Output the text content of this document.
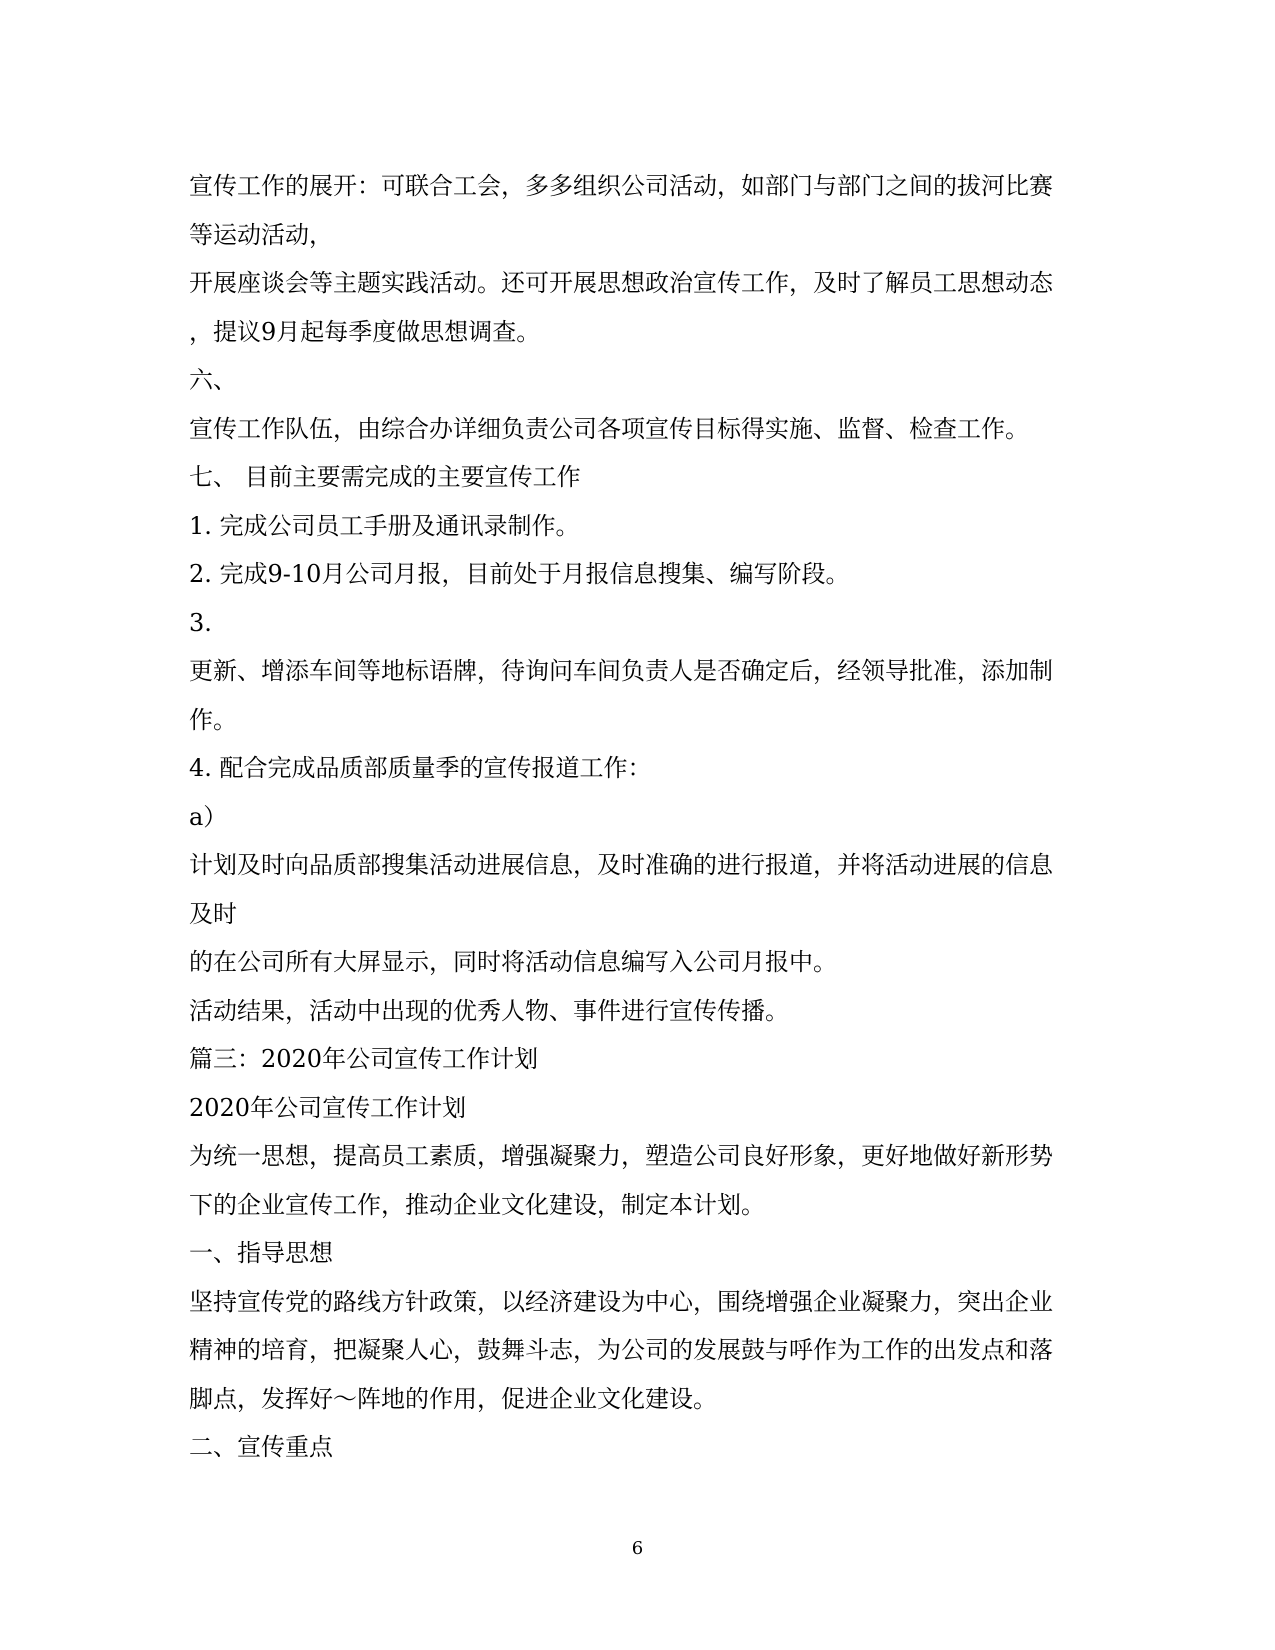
宣传工作的展开：可联合工会，多多组织公司活动，如部门与部门之间的拔河比赛
等运动活动，
开展座谈会等主题实践活动。还可开展思想政治宣传工作，及时了解员工思想动态
，提议9月起每季度做思想调查。
六、
宣传工作队伍，由综合办详细负责公司各项宣传目标得实施、监督、检查工作。
七、 目前主要需完成的主要宣传工作
1. 完成公司员工手册及通讯录制作。
2. 完成9-10月公司月报，目前处于月报信息搜集、编写阶段。
3.
更新、增添车间等地标语牌，待询问车间负责人是否确定后，经领导批准，添加制
作。
4. 配合完成品质部质量季的宣传报道工作：
a）
计划及时向品质部搜集活动进展信息，及时准确的进行报道，并将活动进展的信息
及时
的在公司所有大屏显示，同时将活动信息编写入公司月报中。
活动结果，活动中出现的优秀人物、事件进行宣传传播。
篇三：2020年公司宣传工作计划
2020年公司宣传工作计划
为统一思想，提高员工素质，增强凝聚力，塑造公司良好形象，更好地做好新形势
下的企业宣传工作，推动企业文化建设，制定本计划。
一、指导思想
坚持宣传党的路线方针政策，以经济建设为中心，围绕增强企业凝聚力，突出企业
精神的培育，把凝聚人心，鼓舞斗志，为公司的发展鼓与呼作为工作的出发点和落
脚点，发挥好～阵地的作用，促进企业文化建设。
二、宣传重点
6
